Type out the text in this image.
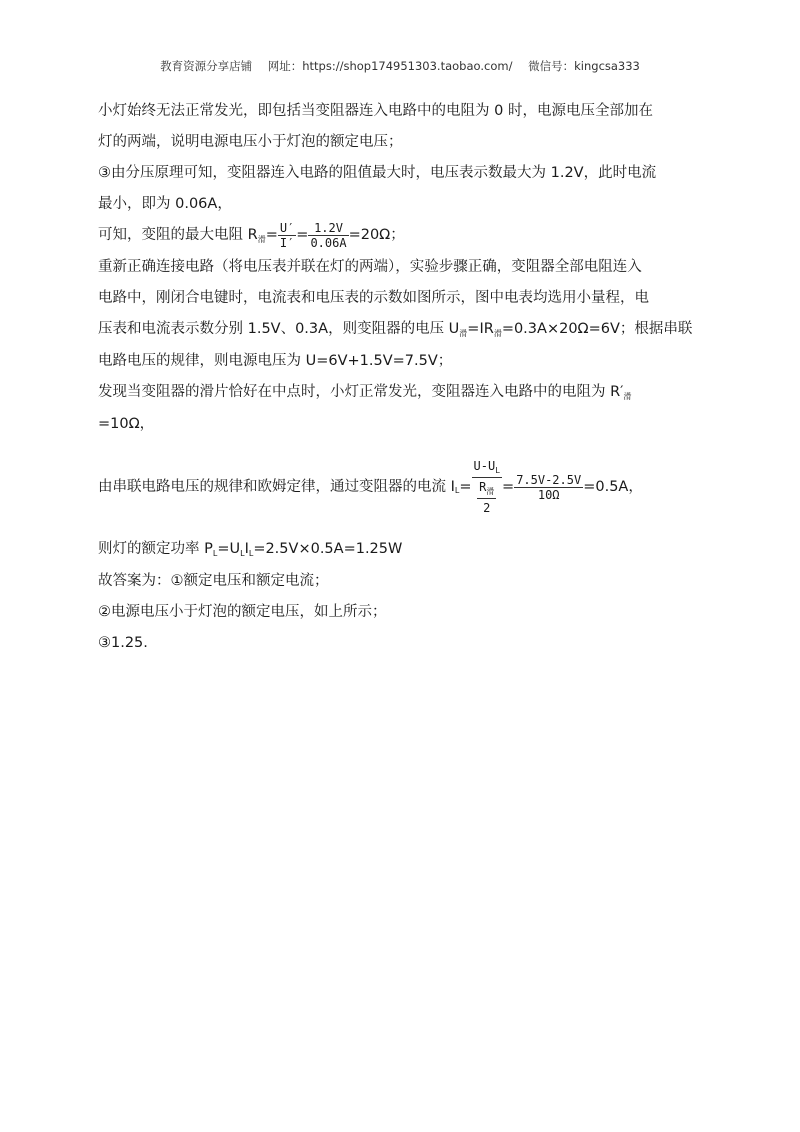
教育资源分享店铺 网址：https://shop174951303.taobao.com/ 微信号：kingcsa333
小灯始终无法正常发光，即包括当变阻器连入电路中的电阻为 0 时，电源电压全部加在
灯的两端，说明电源电压小于灯泡的额定电压；
③由分压原理可知，变阻器连入电路的阻值最大时，电压表示数最大为 1.2V，此时电流
最小，即为 0.06A，
可知，变阻的最大电阻 $R_滑= \frac{U'}{I'} = \frac{1.2V}{0.06A} =20\Omega$；
重新正确连接电路（将电压表并联在灯的两端），实验步骤正确，变阻器全部电阻连入
电路中，刚闭合电键时，电流表和电压表的示数如图所示，图中电表均选用小量程，电
压表和电流表示数分别 1.5V、0.3A，则变阻器的电压 $U_滑=IR_滑=0.3A\times 20\Omega=6V$；根据串联
电路电压的规律，则电源电压为 U=6V+1.5V=7.5V；
发现当变阻器的滑片恰好在中点时，小灯正常发光，变阻器连入电路中的电阻为 $R'_滑$
=10Ω，
由串联电路电压的规律和欧姆定律，通过变阻器的电流 I $L = U-U_L$
$R_滑$
$2 = \frac{7.5V-2.5V}{10\Omega} =0.5A$，
则灯的额定功率 $P_L=U_LI_L=2.5V\times 0.5A=1.25W$
故答案为：①额定电压和额定电流；
②电源电压小于灯泡的额定电压，如上所示；
③1.25.
